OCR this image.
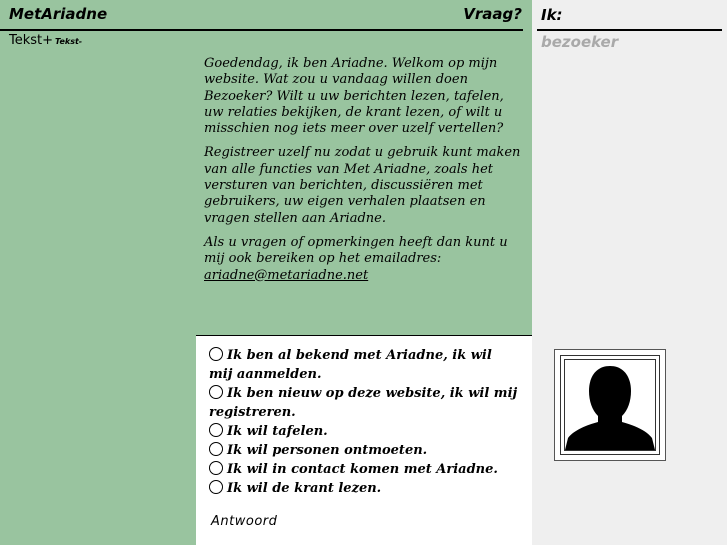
MetAriadne	Vraag?
Tekst+ Tekst-

Goedendag, ik ben Ariadne. Welkom op mijn website. Wat zou u vandaag willen doen Bezoeker? Wilt u uw berichten lezen, tafelen, uw relaties bekijken, de krant lezen, of wilt u misschien nog iets meer over uzelf vertellen?

Registreer uzelf nu zodat u gebruik kunt maken van alle functies van Met Ariadne, zoals het versturen van berichten, discussiëren met gebruikers, uw eigen verhalen plaatsen en vragen stellen aan Ariadne.

Als u vragen of opmerkingen heeft dan kunt u mij ook bereiken op het emailadres:
ariadne@metariadne.net

Ik ben al bekend met Ariadne, ik wil mij aanmelden.
Ik ben nieuw op deze website, ik wil mij registreren.
Ik wil tafelen.
Ik wil personen ontmoeten.
Ik wil in contact komen met Ariadne.
Ik wil de krant lezen.
Antwoord
Ik:
bezoeker
